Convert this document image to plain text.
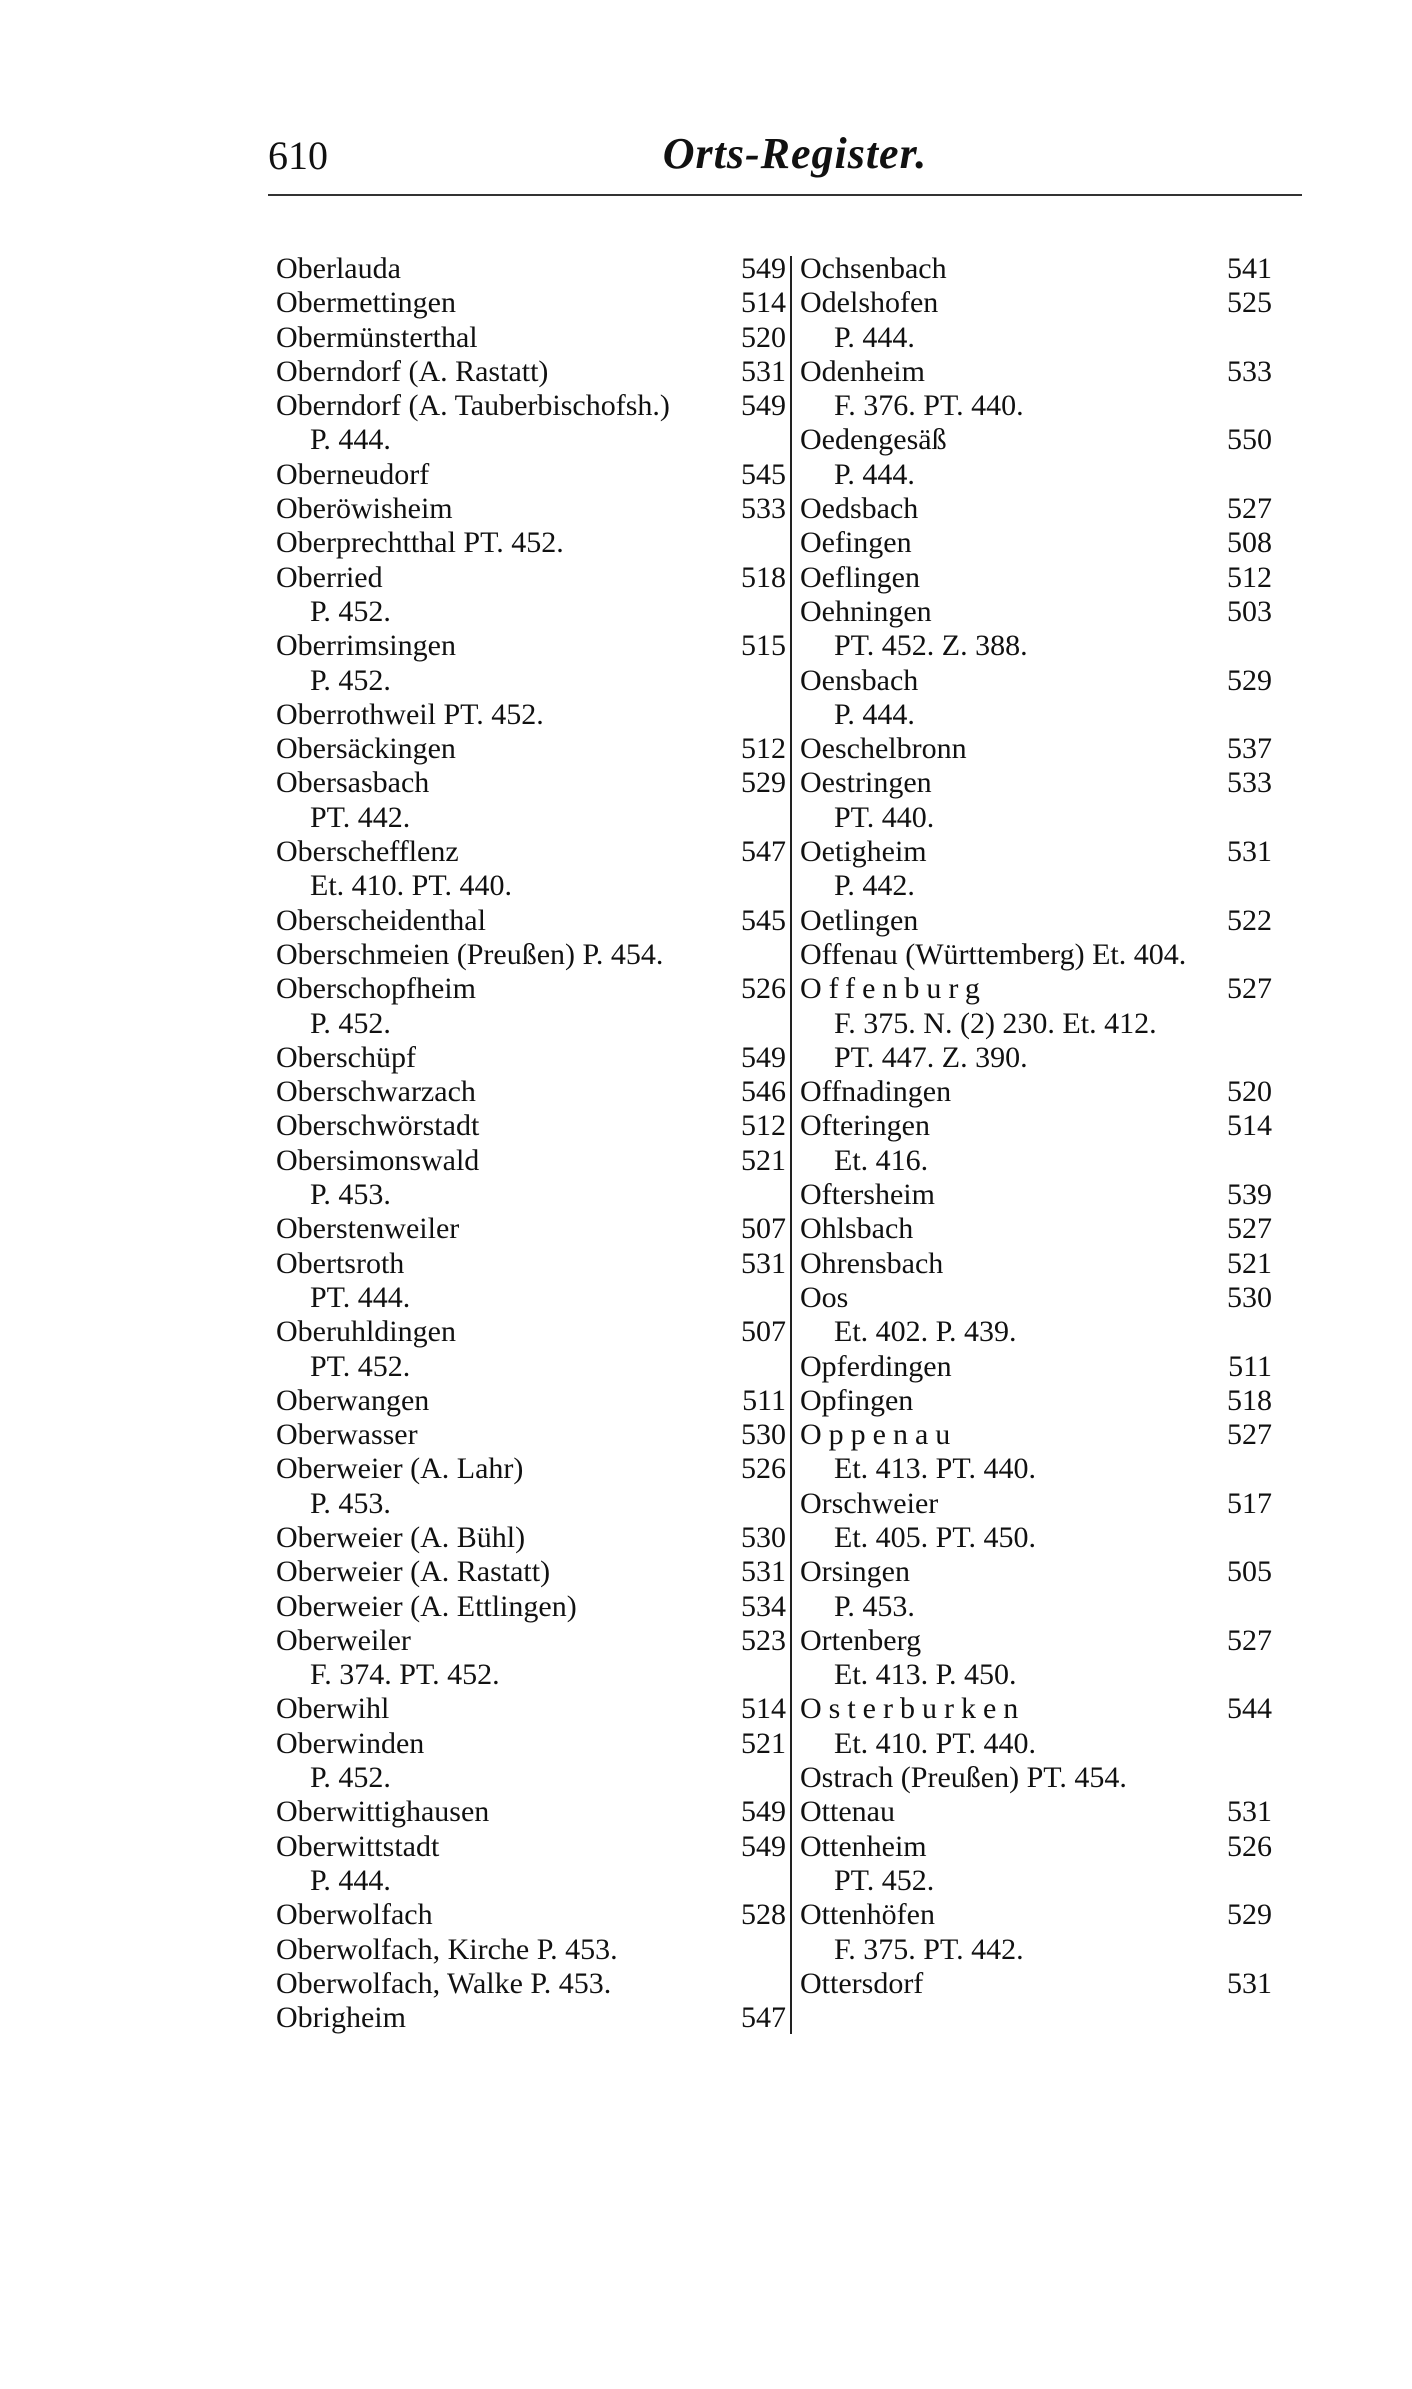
610	Orts-Register.
Oberlauda	549
Obermettingen	514
Obermünsterthal	520
Oberndorf (A. Rastatt)	531
Oberndorf (A. Tauberbischofsh.) 549
P. 444.
Oberneudorf	545
Oberöwisheim	533
Oberprechtthal PT. 452.
Oberried	518
P. 452.
Oberrimsingen	515
P. 452.
Oberrothweil PT. 452.
Obersäckingen	512
Obersasbach	529
PT. 442.
Oberschefflenz	547
Et. 410. PT. 440.
Oberscheidenthal	545
Oberschmeien (Preußen) P. 454.
Oberschopfheim	526
P. 452.
Oberschüpf	549
Oberschwarzach	546
Oberschwörstadt	512
Obersimonswald	521
P. 453.
Oberstenweiler	507
Obertsroth	531
PT. 444.
Oberuhldingen	507
PT. 452.
Oberwangen	511
Oberwasser	530
Oberweier (A. Lahr)	526
P. 453.
Oberweier (A. Bühl)	530
Oberweier (A. Rastatt)	531
Oberweier (A. Ettlingen)	534
Oberweiler	523
F. 374. PT. 452.
Oberwihl	514
Oberwinden	521
P. 452.
Oberwittighausen	549
Oberwittstadt	549
P. 444.
Oberwolfach	528
Oberwolfach, Kirche P. 453.
Oberwolfach, Walke P. 453.
Obrigheim	547
Ochsenbach	541
Odelshofen	525
P. 444.
Odenheim	533
F. 376. PT. 440.
Oedengesäß	550
P. 444.
Oedsbach	527
Oefingen	508
Oeflingen	512
Oehningen	503
PT. 452. Z. 388.
Oensbach	529
P. 444.
Oeschelbronn	537
Oestringen	533
PT. 440.
Oetigheim	531
P. 442.
Oetlingen	522
Offenau (Württemberg) Et. 404.
Offenburg	527
F. 375. N. (2) 230. Et. 412.
PT. 447. Z. 390.
Offnadingen	520
Ofteringen	514
Et. 416.
Oftersheim	539
Ohlsbach	527
Ohrensbach	521
Oos	530
Et. 402. P. 439.
Opferdingen	511
Opfingen	518
Oppenau	527
Et. 413. PT. 440.
Orschweier	517
Et. 405. PT. 450.
Orsingen	505
P. 453.
Ortenberg	527
Et. 413. P. 450.
Osterburken	544
Et. 410. PT. 440.
Ostrach (Preußen) PT. 454.
Ottenau	531
Ottenheim	526
PT. 452.
Ottenhöfen	529
F. 375. PT. 442.
Ottersdorf	531
